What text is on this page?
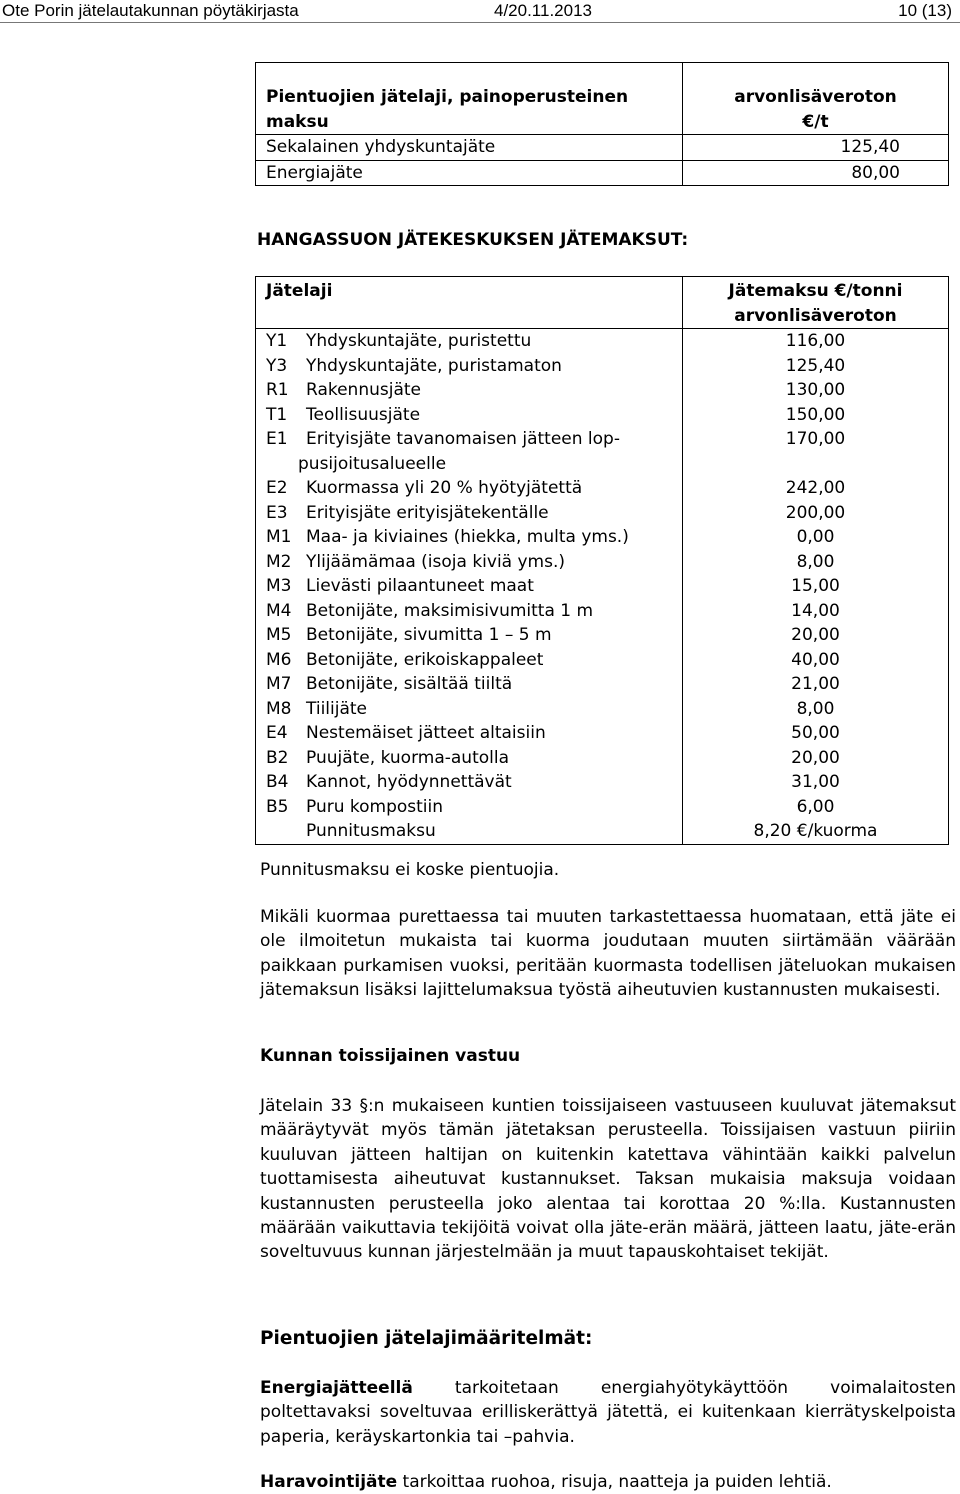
Ote Porin jätelautakunnan pöytäkirjasta	4/20.11.2013	10 (13)
Pientuojien jätelaji, painoperusteinen maksu	arvonlisäveroton
€/t
Sekalainen yhdyskuntajäte	125,40
Energiajäte	80,00
HANGASSUON JÄTEKESKUKSEN JÄTEMAKSUT:
Jätelaji	Jätemaksu €/tonni
arvonlisäveroton
Y1 Yhdyskuntajäte, puristettu	116,00

Y3 Yhdyskuntajäte, puristamaton	125,40

R1 Rakennusjäte	130,00

T1 Teollisuusjäte	150,00

E1 Erityisjäte tavanomaisen jätteen lop-
pusijoitusalueelle	170,00

E2 Kuormassa yli 20 % hyötyjätettä	242,00

E3 Erityisjäte erityisjätekentälle	200,00

M1 Maa- ja kiviaines (hiekka, multa yms.)	0,00

M2 Ylijäämämaa (isoja kiviä yms.)	8,00

M3 Lievästi pilaantuneet maat	15,00

M4 Betonijäte, maksimisivumitta 1 m	14,00

M5 Betonijäte, sivumitta 1 – 5 m	20,00

M6 Betonijäte, erikoiskappaleet	40,00

M7 Betonijäte, sisältää tiiltä	21,00

M8 Tiilijäte	8,00

E4 Nestemäiset jätteet altaisiin	50,00

B2 Puujäte, kuorma-autolla	20,00

B4 Kannot, hyödynnettävät	31,00

B5 Puru kompostiin	6,00

Punnitusmaksu	8,20 €/kuorma
Punnitusmaksu ei koske pientuojia.
Mikäli kuormaa purettaessa tai muuten tarkastettaessa huomataan, että jäte ei ole ilmoitetun mukaista tai kuorma joudutaan muuten siirtämään väärään paikkaan purkamisen vuoksi, peritään kuormasta todellisen jäteluokan mukaisen jätemaksun lisäksi lajittelumaksua työstä aiheutuvien kustannusten mukaisesti.
Kunnan toissijainen vastuu
Jätelain 33 §:n mukaiseen kuntien toissijaiseen vastuuseen kuuluvat jätemaksut määräytyvät myös tämän jätetaksan perusteella. Toissijaisen vastuun piiriin kuuluvan jätteen haltijan on kuitenkin katettava vähintään kaikki palvelun tuottamisesta aiheutuvat kustannukset. Taksan mukaisia maksuja voidaan kustannusten perusteella joko alentaa tai korottaa 20 %:lla. Kustannusten määrään vaikuttavia tekijöitä voivat olla jäte-erän määrä, jätteen laatu, jäte-erän soveltuvuus kunnan järjestelmään ja muut tapauskohtaiset tekijät.
Pientuojien jätelajimääritelmät:
Energiajätteellä tarkoitetaan energiahyötykäyttöön voimalaitosten poltettavaksi soveltuvaa erilliskerättyä jätettä, ei kuitenkaan kierrätyskelpoista paperia, keräyskartonkia tai –pahvia.
Haravointijäte tarkoittaa ruohoa, risuja, naatteja ja puiden lehtiä.
